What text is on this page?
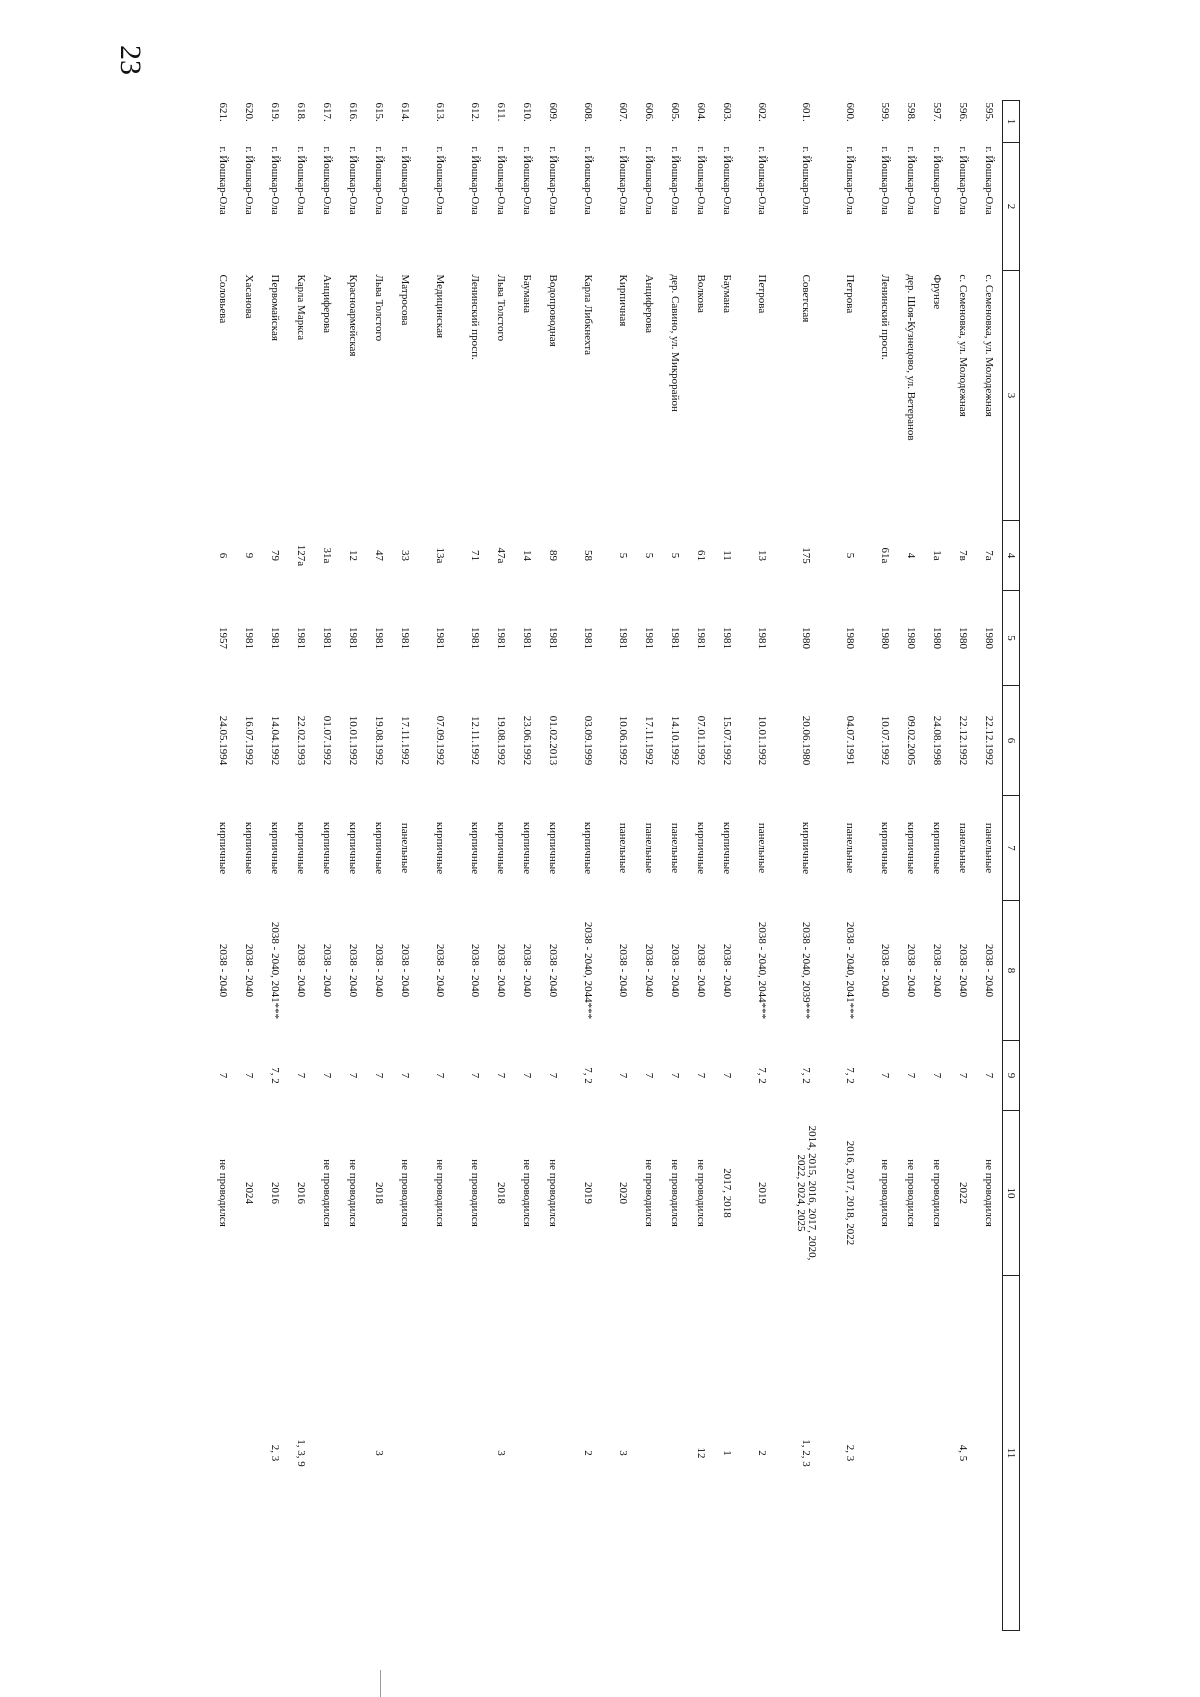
23
1	2	3	4	5	6	7	8	9	10	11
595.	г. Йошкар-Ола	с. Семеновка, ул. Молодежная	7а	1980	22.12.1992	панельные	2038 - 2040	7	не проводился	
596.	г. Йошкар-Ола	с. Семеновка, ул. Молодежная	7в	1980	22.12.1992	панельные	2038 - 2040	7	2022	4, 5
597.	г. Йошкар-Ола	Фрунзе	1а	1980	24.08.1998	кирпичные	2038 - 2040	7	не проводился	
598.	г. Йошкар-Ола	дер. Шоя-Кузнецово, ул. Ветеранов	4	1980	09.02.2005	кирпичные	2038 - 2040	7	не проводился	
599.	г. Йошкар-Ола	Ленинский просп.	61а	1980	10.07.1992	кирпичные	2038 - 2040	7	не проводился	
600.	г. Йошкар-Ола	Петрова	5	1980	04.07.1991	панельные	2038 - 2040, 2041***	7, 2	2016, 2017, 2018, 2022	2, 3
601.	г. Йошкар-Ола	Советская	175	1980	20.06.1980	кирпичные	2038 - 2040, 2039***	7, 2	2014, 2015, 2016, 2017, 2020, 2022, 2024, 2025	1, 2, 3
602.	г. Йошкар-Ола	Петрова	13	1981	10.01.1992	панельные	2038 - 2040, 2044***	7, 2	2019	2
603.	г. Йошкар-Ола	Баумана	11	1981	15.07.1992	кирпичные	2038 - 2040	7	2017, 2018	1
604.	г. Йошкар-Ола	Волкова	61	1981	07.01.1992	кирпичные	2038 - 2040	7	не проводился	12
605.	г. Йошкар-Ола	дер. Савино, ул. Микрорайон	5	1981	14.10.1992	панельные	2038 - 2040	7	не проводился	
606.	г. Йошкар-Ола	Анциферова	5	1981	17.11.1992	панельные	2038 - 2040	7	не проводился	
607.	г. Йошкар-Ола	Кирпичная	5	1981	10.06.1992	панельные	2038 - 2040	7	2020	3
608.	г. Йошкар-Ола	Карла Либкнехта	58	1981	03.09.1999	кирпичные	2038 - 2040, 2044***	7, 2	2019	2
609.	г. Йошкар-Ола	Водопроводная	89	1981	01.02.2013	кирпичные	2038 - 2040	7	не проводился	
610.	г. Йошкар-Ола	Баумана	14	1981	23.06.1992	кирпичные	2038 - 2040	7	не проводился	
611.	г. Йошкар-Ола	Льва Толстого	47а	1981	19.08.1992	кирпичные	2038 - 2040	7	2018	3
612.	г. Йошкар-Ола	Ленинский просп.	71	1981	12.11.1992	кирпичные	2038 - 2040	7	не проводился	
613.	г. Йошкар-Ола	Медицинская	13а	1981	07.09.1992	кирпичные	2038 - 2040	7	не проводился	
614.	г. Йошкар-Ола	Матросова	33	1981	17.11.1992	панельные	2038 - 2040	7	не проводился	
615.	г. Йошкар-Ола	Льва Толстого	47	1981	19.08.1992	кирпичные	2038 - 2040	7	2018	3
616.	г. Йошкар-Ола	Красноармейская	12	1981	10.01.1992	кирпичные	2038 - 2040	7	не проводился	
617.	г. Йошкар-Ола	Анциферова	31а	1981	01.07.1992	кирпичные	2038 - 2040	7	не проводился	
618.	г. Йошкар-Ола	Карла Маркса	127а	1981	22.02.1993	кирпичные	2038 - 2040	7	2016	1, 3, 9
619.	г. Йошкар-Ола	Первомайская	79	1981	14.04.1992	кирпичные	2038 - 2040, 2041***	7, 2	2016	2, 3
620.	г. Йошкар-Ола	Хасанова	9	1981	16.07.1992	кирпичные	2038 - 2040	7	2024	
621.	г. Йошкар-Ола	Соловьева	6	1957	24.05.1994	кирпичные	2038 - 2040	7	не проводился	
